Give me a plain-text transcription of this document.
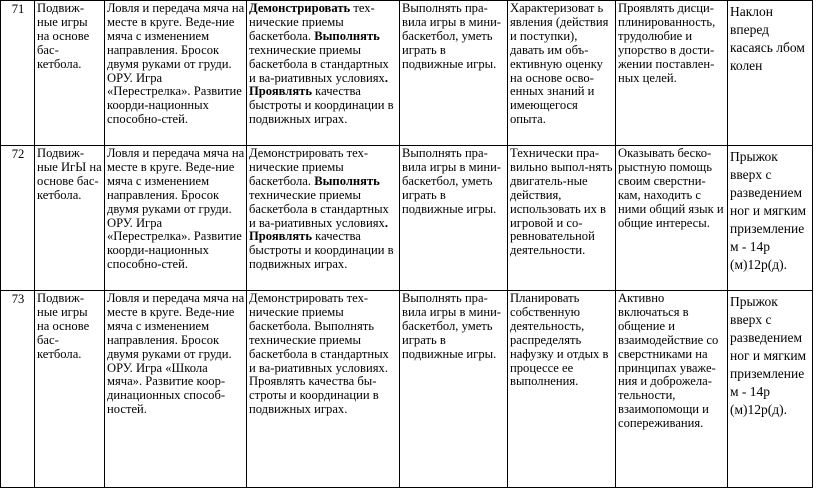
71	Подвиж-ные игры на основе бас-кетбола.	Ловля и передача мяча на месте в круге. Веде-ние мяча с изменением направления. Бросок двумя руками от груди. ОРУ. Игра «Перестрелка». Развитие коорди-национных способно-стей.	Демонстрировать тех-нические приемы баскетбола. Выполнять технические приемы баскетбола в стандартных и ва-риативных условиях. Проявлять качества быстроты и координации в подвижных играх.	Выполнять пра-вила игры в мини- баскетбол, уметь играть в подвижные игры.	Характеризоват ь явления (действия и поступки), давать им объ-ективную оценку на основе осво-енных знаний и имеющегося опыта.	Проявлять дисци-плинированность, трудолюбие и упорство в дости-жении поставлен-ных целей.	Наклон вперед касаясь лбом колен
72	Подвиж-ные ИгЫ на основе бас-кетбола.	Ловля и передача мяча на месте в круге. Веде-ние мяча с изменением направления. Бросок двумя руками от груди. ОРУ. Игра «Перестрелка». Развитие коорди-национных способно-стей.	Демонстрировать тех-нические приемы баскетбола. Выполнять технические приемы баскетбола в стандартных и ва-риативных условиях. Проявлять качества быстроты и координации в подвижных играх.	Выполнять пра-вила игры в мини- баскетбол, уметь играть в подвижные игры.	Технически пра-вильно выпол-нять двигатель-ные действия, использовать их в игровой и со-ревновательной деятельности.	Оказывать беско-рыстную помощь своим сверстни-кам, находить с ними общий язык и общие интересы.	Прыжок вверх с разведением ног и мягким приземление м - 14р (м)12р(д).
73	Подвиж-ные игры на основе бас-кетбола.	Ловля и передача мяча на месте в круге. Веде-ние мяча с изменением направления. Бросок двумя руками от груди. ОРУ. Игра «Школа мяча». Развитие коор-динационных способ-ностей.	Демонстрировать тех-нические приемы баскетбола. Выполнять технические приемы баскетбола в стандартных и ва-риативных условиях. Проявлять качества бы-строты и координации в подвижных играх.	Выполнять пра-вила игры в мини- баскетбол, уметь играть в подвижные игры.	Планировать собственную деятельность, распределять нафузку и отдых в процессе ее выполнения.	Активно включаться в общение и взаимодействие со сверстниками на принципах уваже-ния и доброжела-тельности, взаимопомощи и сопереживания.	Прыжок вверх с разведением ног и мягким приземление м - 14р (м)12р(д).
